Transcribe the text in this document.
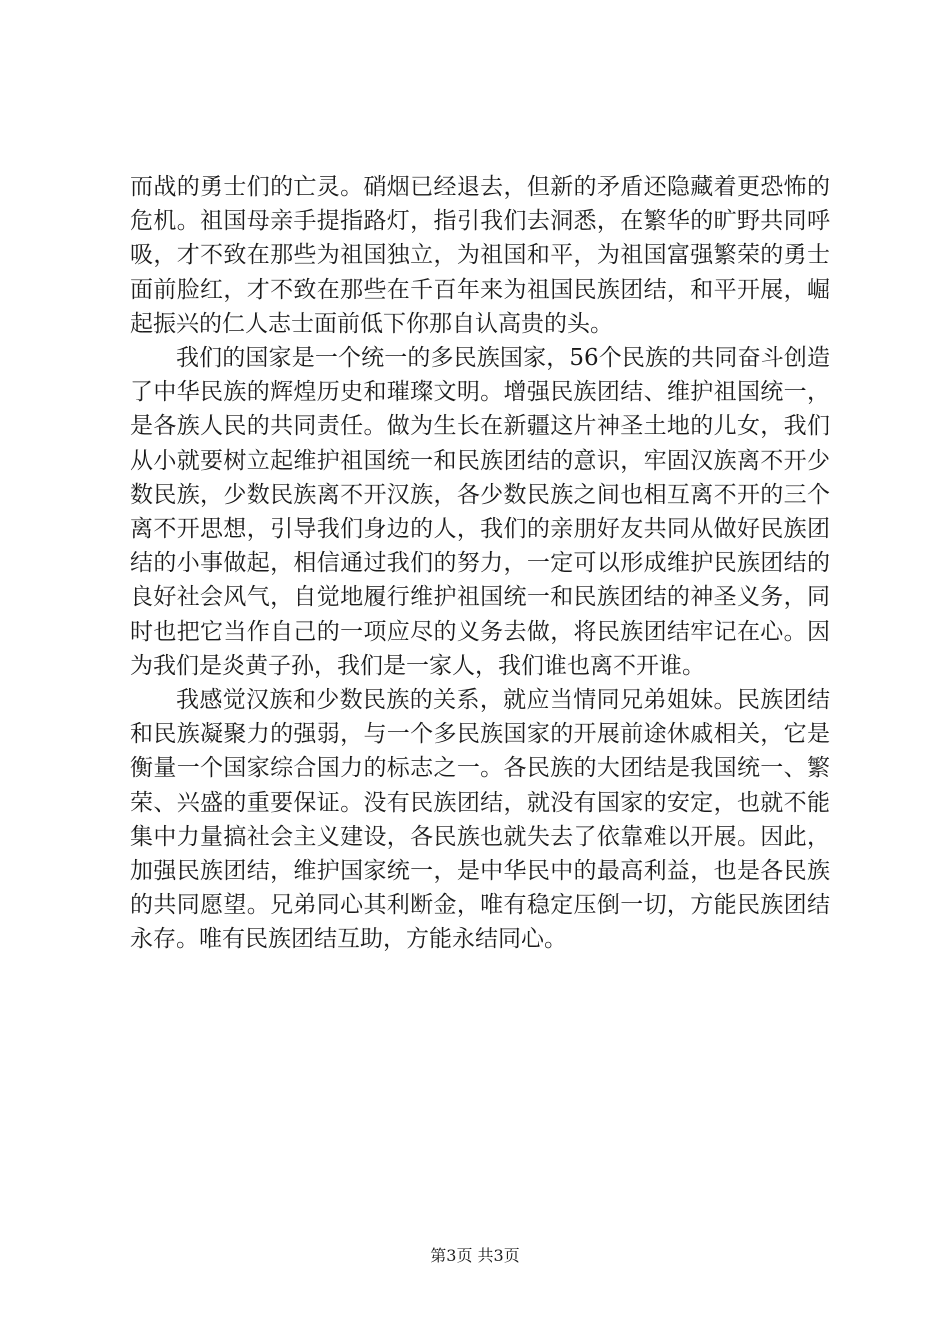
而战的勇士们的亡灵。硝烟已经退去，但新的矛盾还隐藏着更恐怖的危机。祖国母亲手提指路灯，指引我们去洞悉，在繁华的旷野共同呼吸，才不致在那些为祖国独立，为祖国和平，为祖国富强繁荣的勇士面前脸红，才不致在那些在千百年来为祖国民族团结，和平开展，崛起振兴的仁人志士面前低下你那自认高贵的头。

我们的国家是一个统一的多民族国家，56个民族的共同奋斗创造了中华民族的辉煌历史和璀璨文明。增强民族团结、维护祖国统一，是各族人民的共同责任。做为生长在新疆这片神圣土地的儿女，我们从小就要树立起维护祖国统一和民族团结的意识，牢固汉族离不开少数民族，少数民族离不开汉族，各少数民族之间也相互离不开的三个离不开思想，引导我们身边的人，我们的亲朋好友共同从做好民族团结的小事做起，相信通过我们的努力，一定可以形成维护民族团结的良好社会风气，自觉地履行维护祖国统一和民族团结的神圣义务，同时也把它当作自己的一项应尽的义务去做，将民族团结牢记在心。因为我们是炎黄子孙，我们是一家人，我们谁也离不开谁。

我感觉汉族和少数民族的关系，就应当情同兄弟姐妹。民族团结和民族凝聚力的强弱，与一个多民族国家的开展前途休戚相关，它是衡量一个国家综合国力的标志之一。各民族的大团结是我国统一、繁荣、兴盛的重要保证。没有民族团结，就没有国家的安定，也就不能集中力量搞社会主义建设，各民族也就失去了依靠难以开展。因此，加强民族团结，维护国家统一，是中华民中的最高利益，也是各民族的共同愿望。兄弟同心其利断金，唯有稳定压倒一切，方能民族团结永存。唯有民族团结互助，方能永结同心。

第3页 共3页
